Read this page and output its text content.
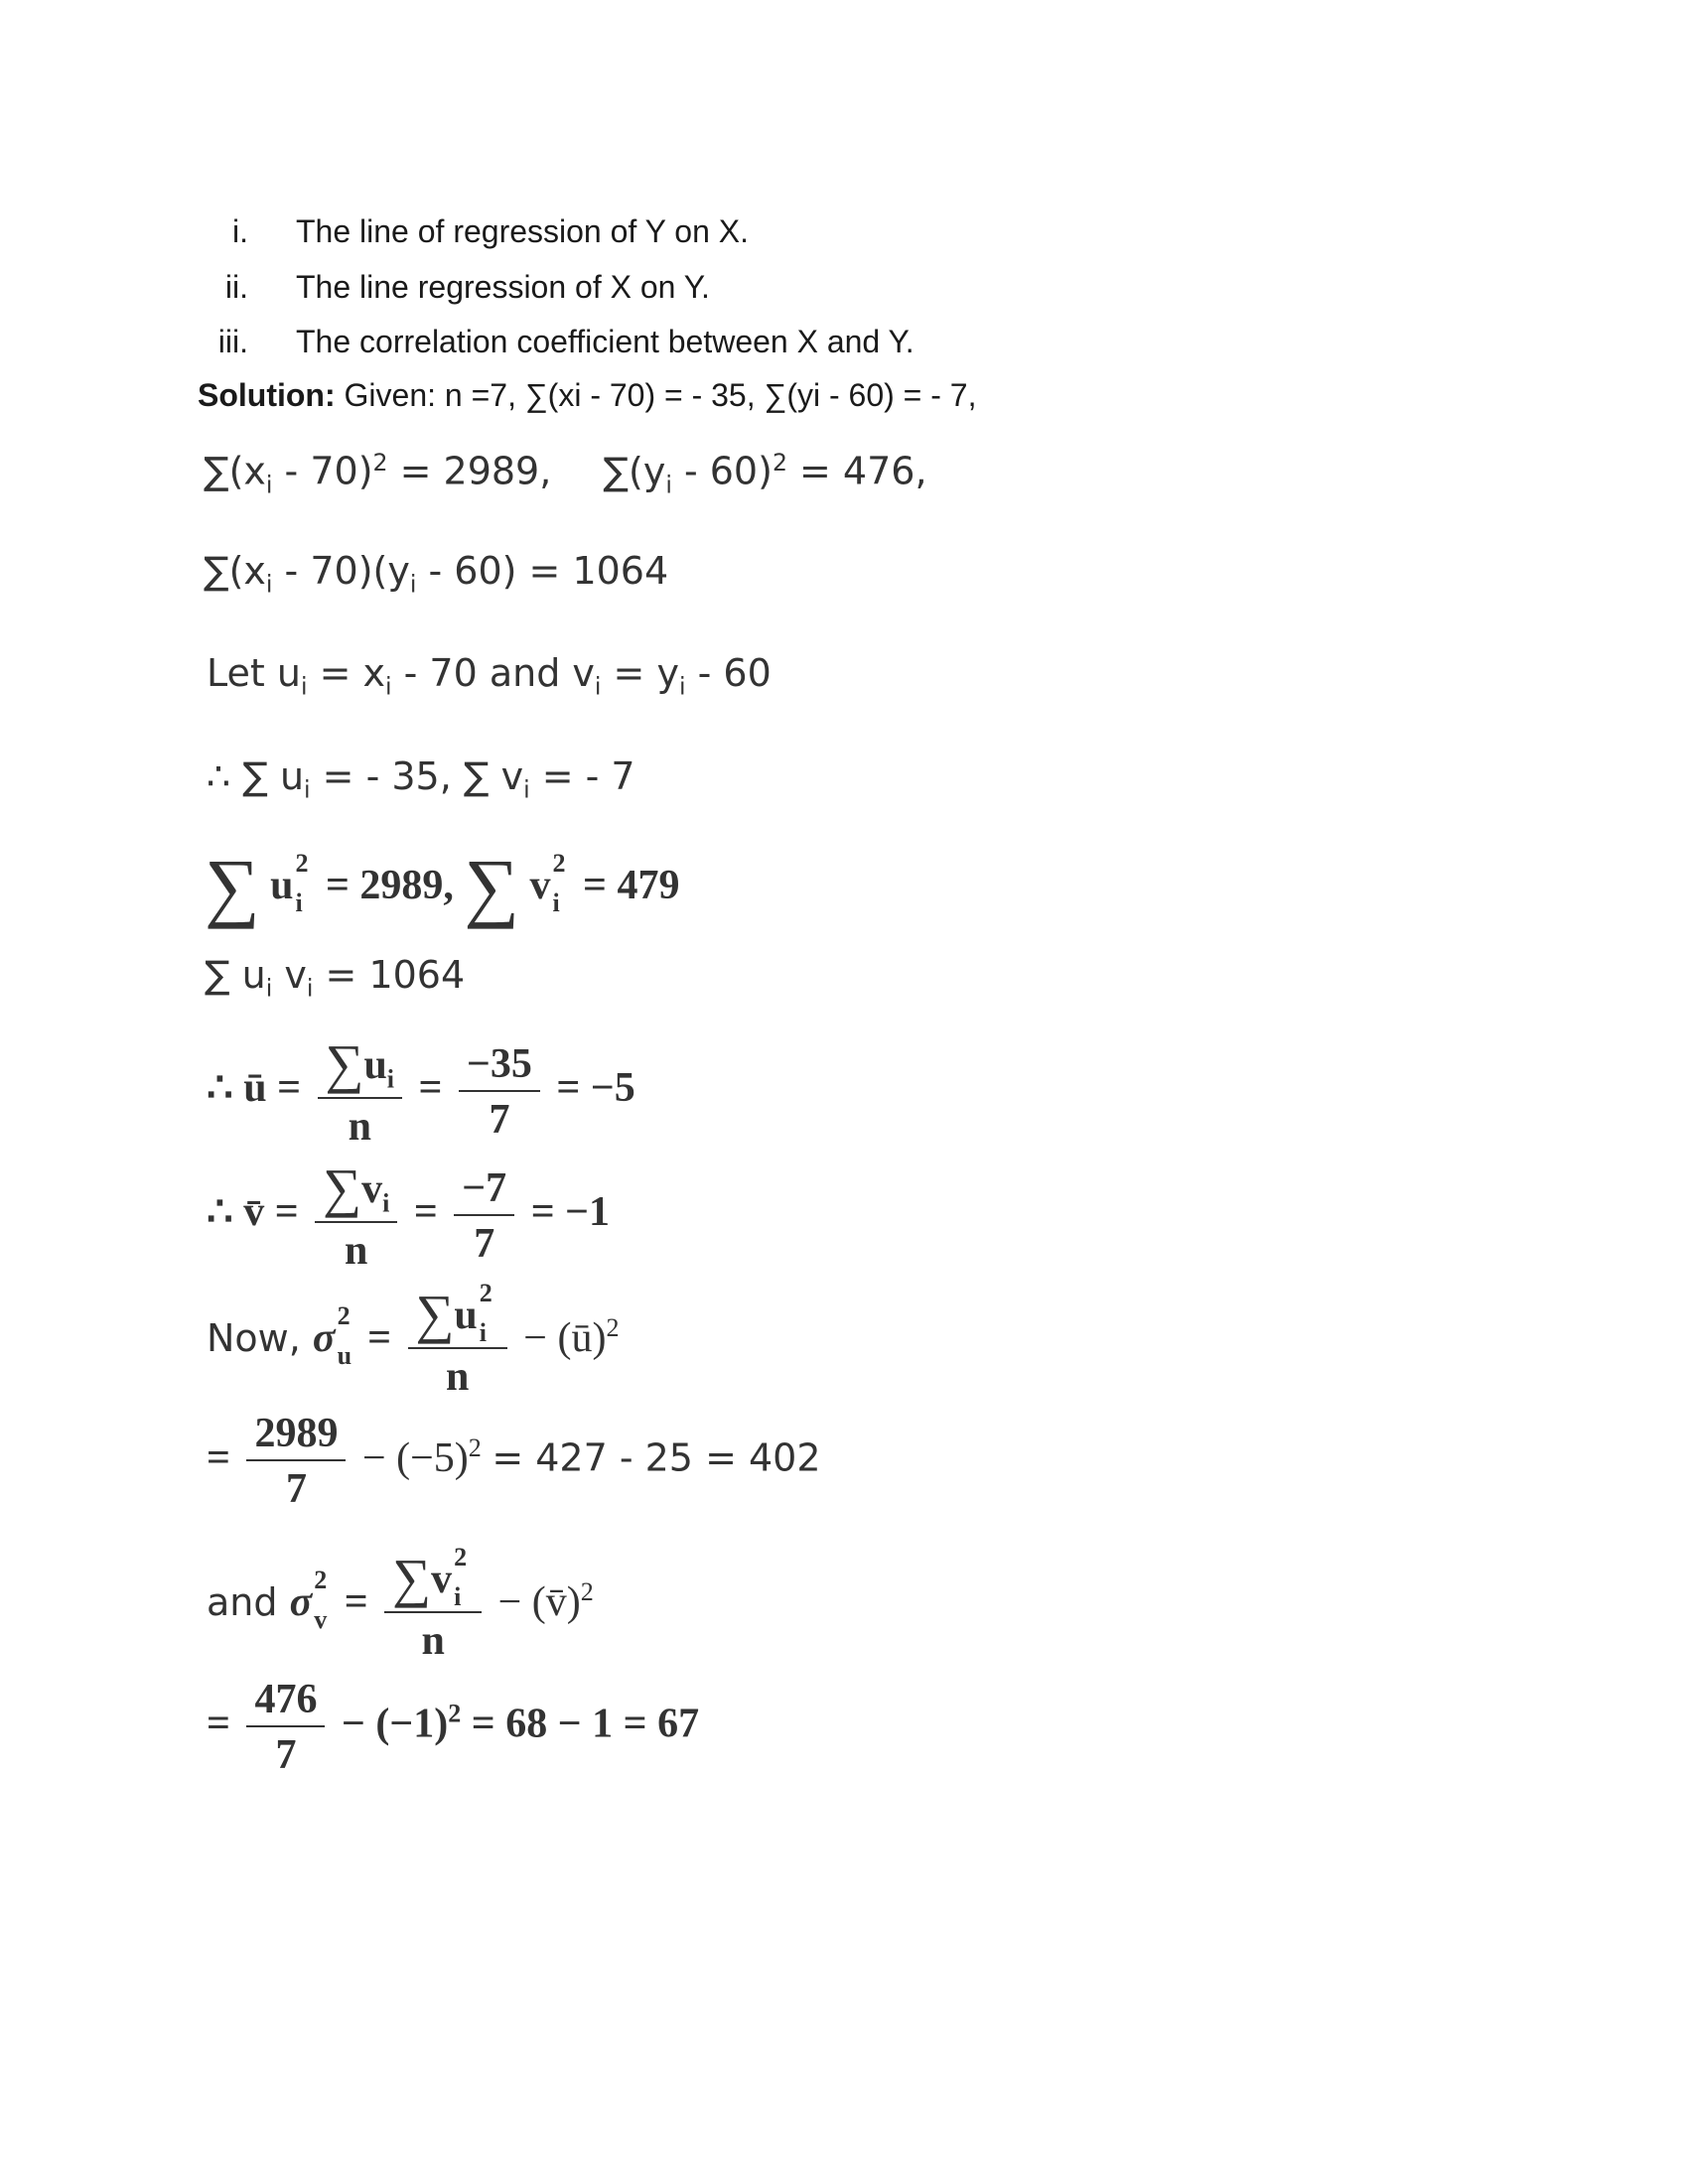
i. The line of regression of Y on X.
ii. The line regression of X on Y.
iii. The correlation coefficient between X and Y.
Solution: Given: n =7, ∑(xi - 70) = - 35, ∑(yi - 60) = - 7,
$\sum(x_i - 70)^2 = 2989$, $\sum(y_i - 60)^2 = 476$,
$\sum(x_i - 70)(y_i - 60) = 1064$
Let $u_i = x_i - 70$ and $v_i = y_i - 60$
∴ ∑ $u_i$ = - 35, ∑ $v_i$ = - 7
∑ u 2
i = 2989, ∑ v 2
i = 479
∑ $u_i$ $v_i = 1064$
∴ ū = $\frac{\sum u_i}{n} = \frac{-35}{7} = -5$
∴ v̄ = $\frac{\sum v_i}{n} = \frac{-7}{7} = -1$
Now, σ 2
u = ∑u 2
i
n − (ū)$^2$
= $\frac{2989}{7} - (-5)^2 = 427 - 25 = 402$
and σ 2
v = ∑v 2
i
n − (v̄)$^2$
= $\frac{476}{7} - (-1)^2 = 68 - 1 = 67$
